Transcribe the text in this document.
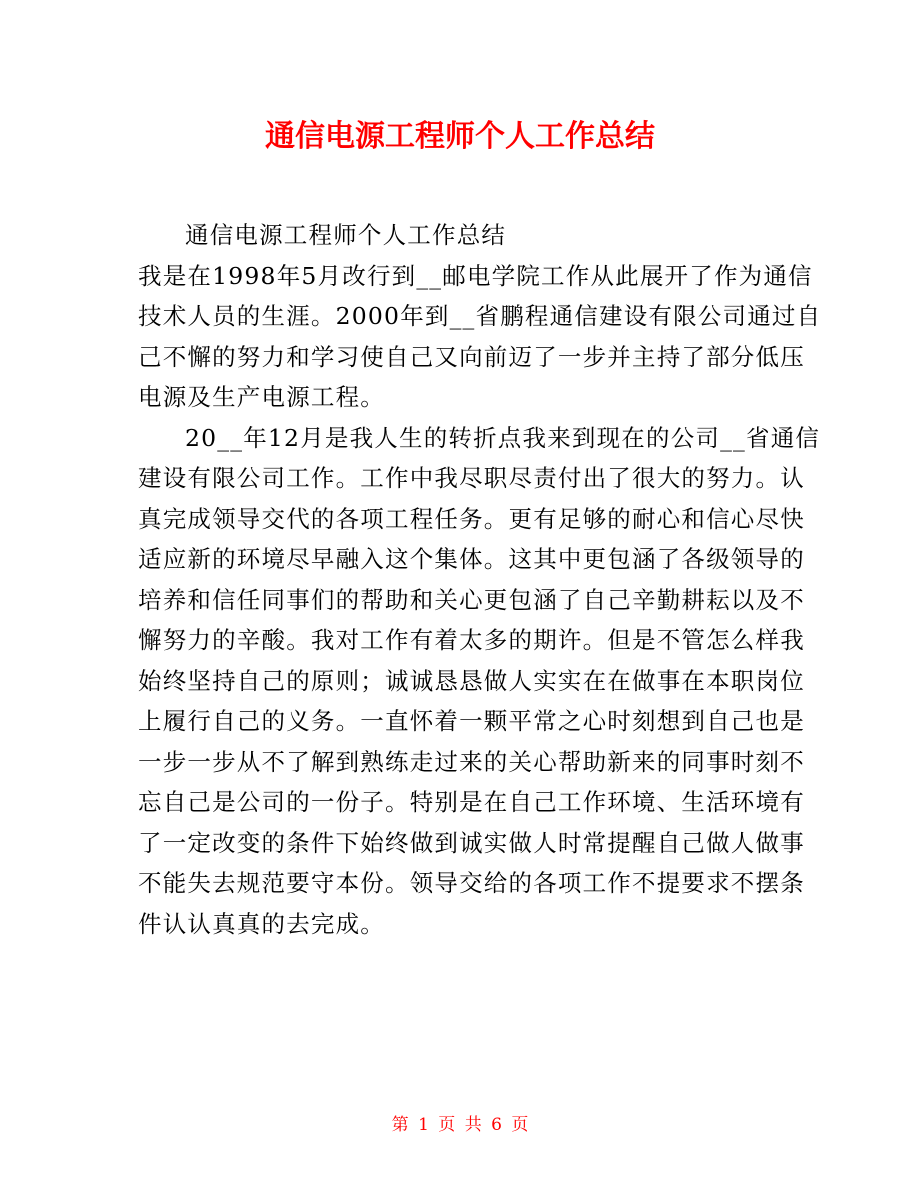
通信电源工程师个人工作总结
通信电源工程师个人工作总结
我是在1998年5月改行到__邮电学院工作从此展开了作为通信
技术人员的生涯。2000年到__省鹏程通信建设有限公司通过自
己不懈的努力和学习使自己又向前迈了一步并主持了部分低压
电源及生产电源工程。
20__年12月是我人生的转折点我来到现在的公司__省通信
建设有限公司工作。工作中我尽职尽责付出了很大的努力。认
真完成领导交代的各项工程任务。更有足够的耐心和信心尽快
适应新的环境尽早融入这个集体。这其中更包涵了各级领导的
培养和信任同事们的帮助和关心更包涵了自己辛勤耕耘以及不
懈努力的辛酸。我对工作有着太多的期许。但是不管怎么样我
始终坚持自己的原则；诚诚恳恳做人实实在在做事在本职岗位
上履行自己的义务。一直怀着一颗平常之心时刻想到自己也是
一步一步从不了解到熟练走过来的关心帮助新来的同事时刻不
忘自己是公司的一份子。特别是在自己工作环境、生活环境有
了一定改变的条件下始终做到诚实做人时常提醒自己做人做事
不能失去规范要守本份。领导交给的各项工作不提要求不摆条
件认认真真的去完成。
第 1 页 共 6 页
